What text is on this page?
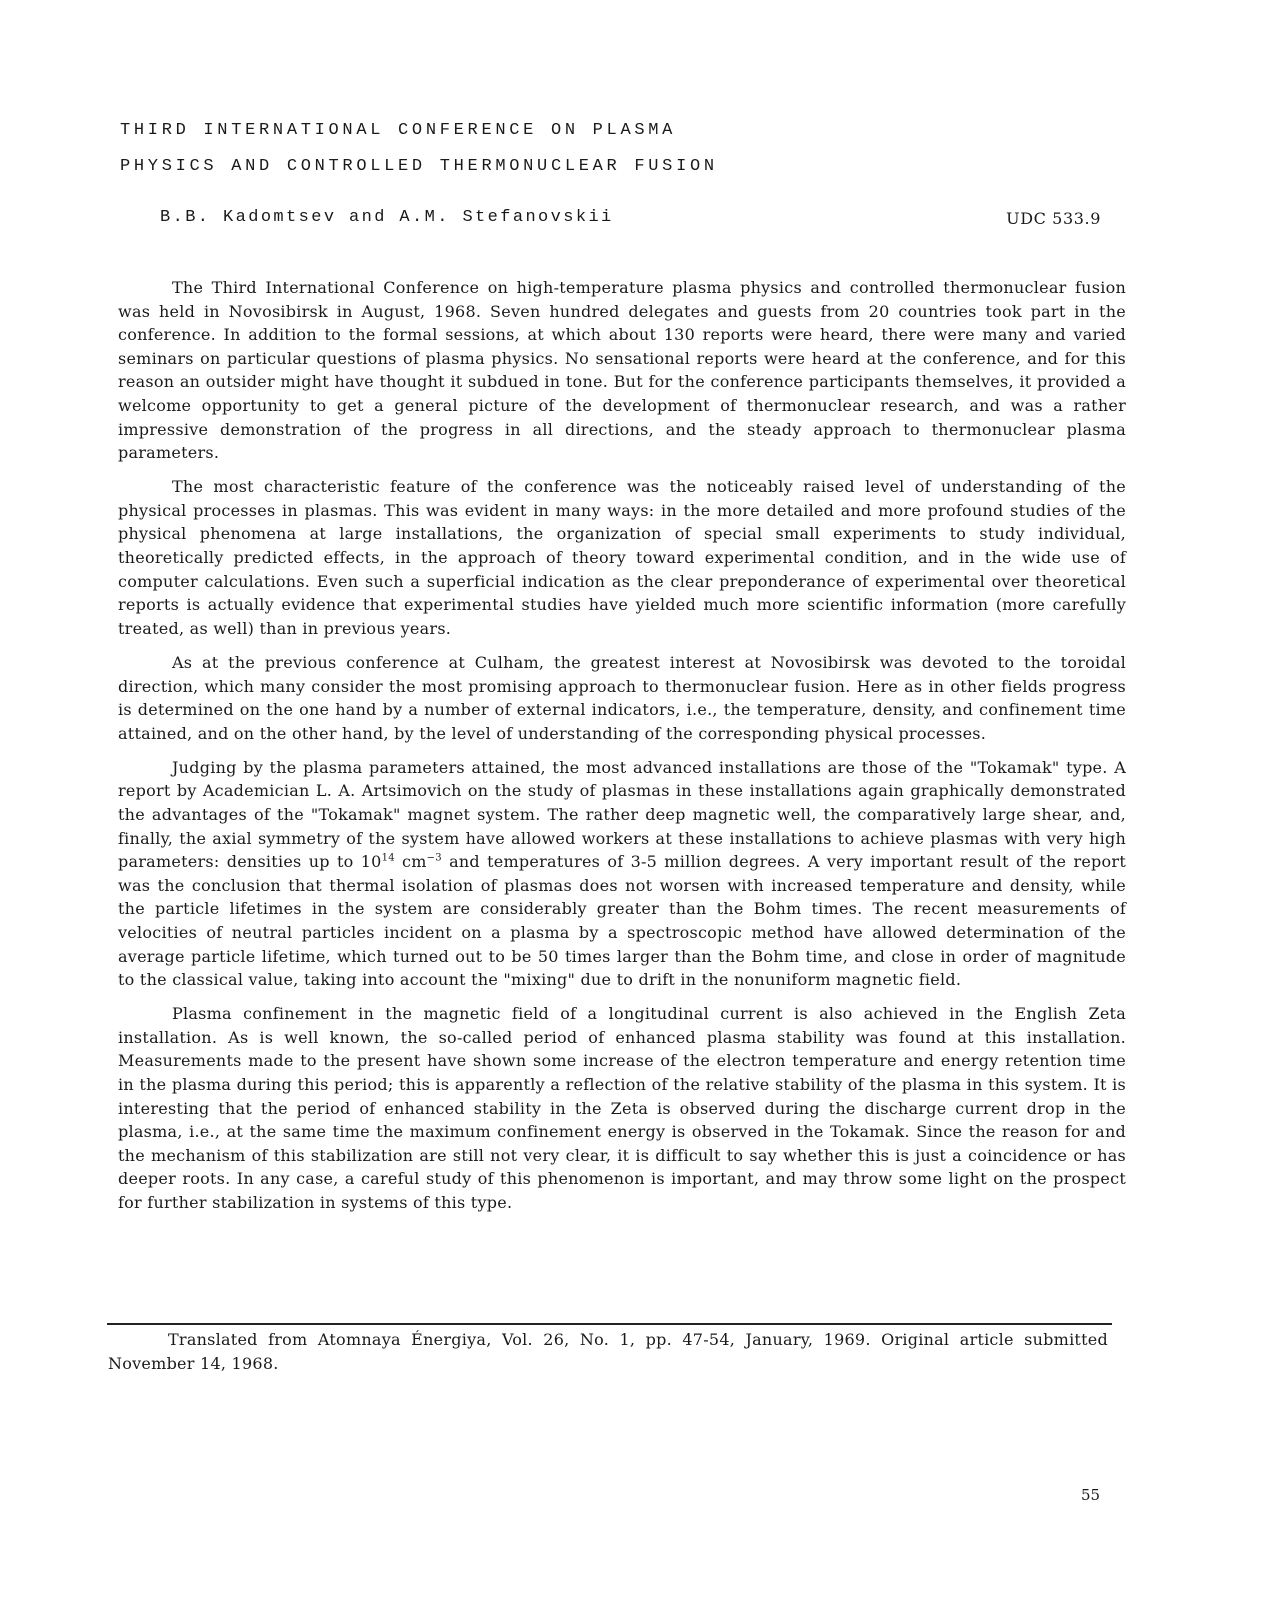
THIRD INTERNATIONAL CONFERENCE ON PLASMA
PHYSICS AND CONTROLLED THERMONUCLEAR FUSION
B.B. Kadomtsev and A.M. Stefanovskii	UDC 533.9

The Third International Conference on high-temperature plasma physics and controlled thermonuclear fusion was held in Novosibirsk in August, 1968. Seven hundred delegates and guests from 20 countries took part in the conference. In addition to the formal sessions, at which about 130 reports were heard, there were many and varied seminars on particular questions of plasma physics. No sensational reports were heard at the conference, and for this reason an outsider might have thought it subdued in tone. But for the conference participants themselves, it provided a welcome opportunity to get a general picture of the development of thermonuclear research, and was a rather impressive demonstration of the progress in all directions, and the steady approach to thermonuclear plasma parameters.

The most characteristic feature of the conference was the noticeably raised level of understanding of the physical processes in plasmas. This was evident in many ways: in the more detailed and more profound studies of the physical phenomena at large installations, the organization of special small experiments to study individual, theoretically predicted effects, in the approach of theory toward experimental condition, and in the wide use of computer calculations. Even such a superficial indication as the clear preponderance of experimental over theoretical reports is actually evidence that experimental studies have yielded much more scientific information (more carefully treated, as well) than in previous years.

As at the previous conference at Culham, the greatest interest at Novosibirsk was devoted to the toroidal direction, which many consider the most promising approach to thermonuclear fusion. Here as in other fields progress is determined on the one hand by a number of external indicators, i.e., the temperature, density, and confinement time attained, and on the other hand, by the level of understanding of the corresponding physical processes.

Judging by the plasma parameters attained, the most advanced installations are those of the "Tokamak" type. A report by Academician L. A. Artsimovich on the study of plasmas in these installations again graphically demonstrated the advantages of the "Tokamak" magnet system. The rather deep magnetic well, the comparatively large shear, and, finally, the axial symmetry of the system have allowed workers at these installations to achieve plasmas with very high parameters: densities up to $10^{14}$ $cm^{-3}$ and temperatures of 3-5 million degrees. A very important result of the report was the conclusion that thermal isolation of plasmas does not worsen with increased temperature and density, while the particle lifetimes in the system are considerably greater than the Bohm times. The recent measurements of velocities of neutral particles incident on a plasma by a spectroscopic method have allowed determination of the average particle lifetime, which turned out to be 50 times larger than the Bohm time, and close in order of magnitude to the classical value, taking into account the "mixing" due to drift in the nonuniform magnetic field.

Plasma confinement in the magnetic field of a longitudinal current is also achieved in the English Zeta installation. As is well known, the so-called period of enhanced plasma stability was found at this installation. Measurements made to the present have shown some increase of the electron temperature and energy retention time in the plasma during this period; this is apparently a reflection of the relative stability of the plasma in this system. It is interesting that the period of enhanced stability in the Zeta is observed during the discharge current drop in the plasma, i.e., at the same time the maximum confinement energy is observed in the Tokamak. Since the reason for and the mechanism of this stabilization are still not very clear, it is difficult to say whether this is just a coincidence or has deeper roots. In any case, a careful study of this phenomenon is important, and may throw some light on the prospect for further stabilization in systems of this type.

Translated from Atomnaya Énergiya, Vol. 26, No. 1, pp. 47-54, January, 1969. Original article submitted November 14, 1968.
55
